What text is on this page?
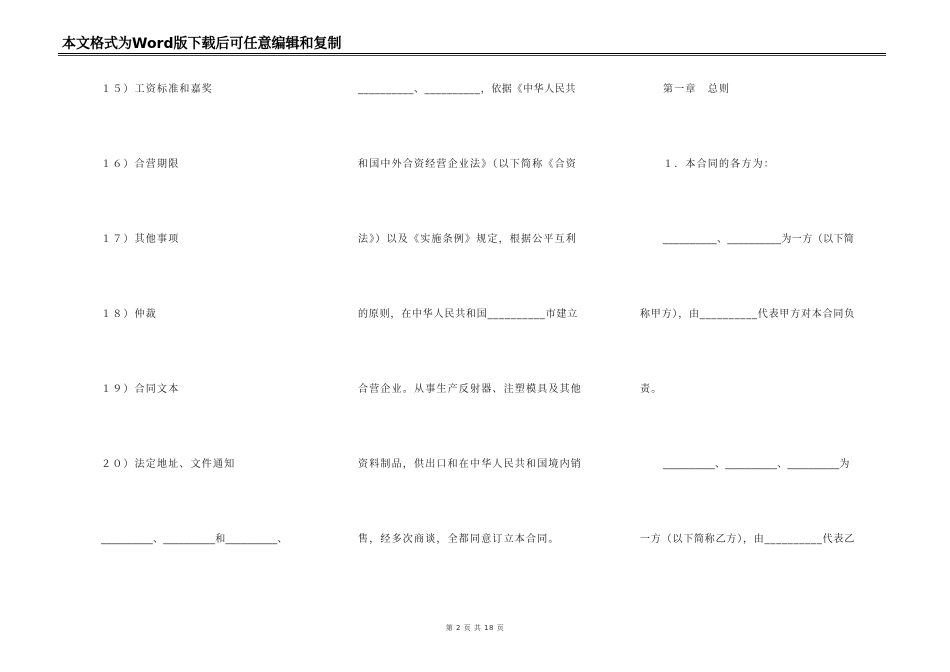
本文格式为Word版下载后可任意编辑和复制
１５）工资标准和嘉奖
１６）合营期限
１７）其他事项
１８）仲裁
１９）合同文本
２０）法定地址、文件通知
__________、__________和__________、
__________、__________，依据《中华人民共
和国中外合资经营企业法》（以下简称《合资
法》）以及《实施条例》规定，根据公平互利
的原则，在中华人民共和国__________市建立
合营企业。从事生产反射器、注塑模具及其他
资料制品，供出口和在中华人民共和国境内销
售，经多次商谈，全都同意订立本合同。
第一章　总则
１．本合同的各方为：
__________、__________为一方（以下简
称甲方），由__________代表甲方对本合同负
责。
__________、__________、__________为
一方（以下简称乙方），由__________代表乙
第 2 页 共 18 页
